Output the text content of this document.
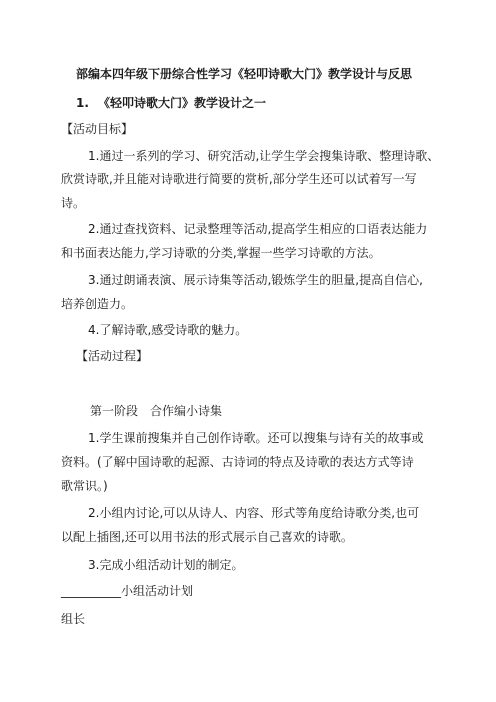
部编本四年级下册综合性学习《轻叩诗歌大门》教学设计与反思
1. 《轻叩诗歌大门》教学设计之一
【活动目标】
1.通过一系列的学习、研究活动,让学生学会搜集诗歌、整理诗歌、
欣赏诗歌,并且能对诗歌进行简要的赏析,部分学生还可以试着写一写
诗。
2.通过查找资料、记录整理等活动,提高学生相应的口语表达能力
和书面表达能力,学习诗歌的分类,掌握一些学习诗歌的方法。
3.通过朗诵表演、展示诗集等活动,锻炼学生的胆量,提高自信心,
培养创造力。
4.了解诗歌,感受诗歌的魅力。
【活动过程】
第一阶段　合作编小诗集
1.学生课前搜集并自己创作诗歌。还可以搜集与诗有关的故事或
资料。(了解中国诗歌的起源、古诗词的特点及诗歌的表达方式等诗
歌常识。)
2.小组内讨论,可以从诗人、内容、形式等角度给诗歌分类,也可
以配上插图,还可以用书法的形式展示自己喜欢的诗歌。
3.完成小组活动计划的制定。
__________小组活动计划
组长
